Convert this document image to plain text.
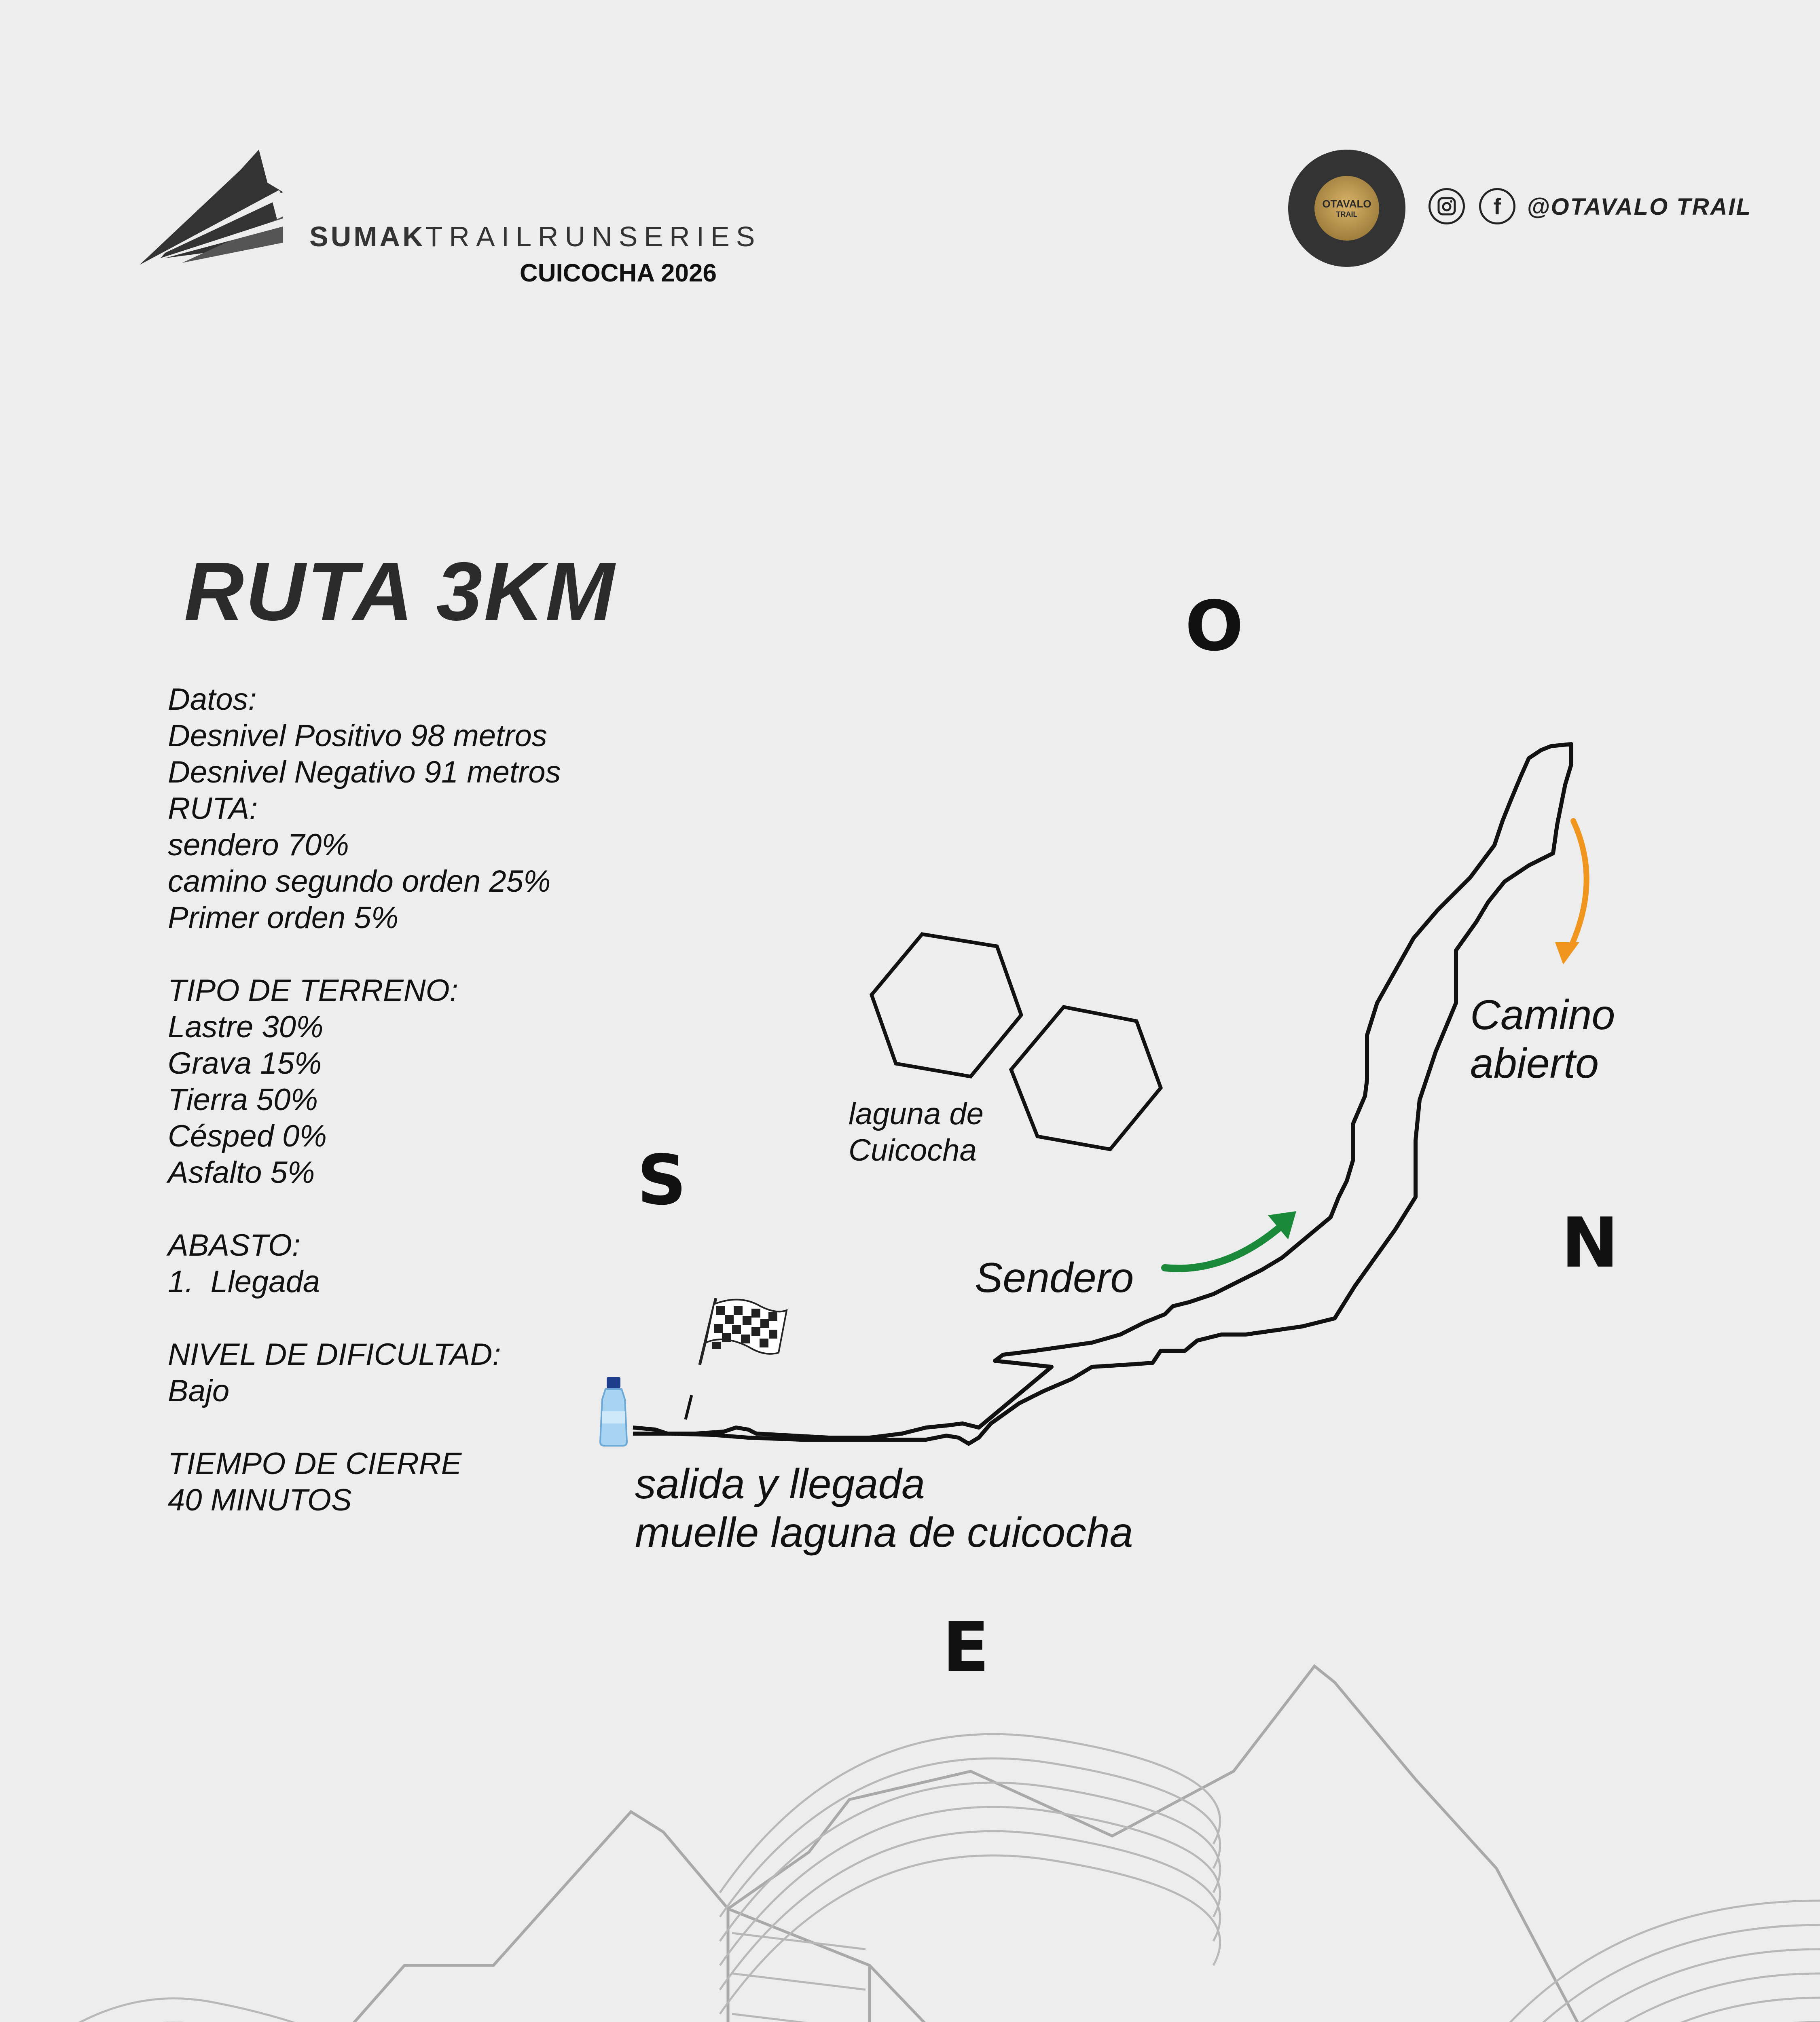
SUMAKTRAILRUNSERIES
CUICOCHA 2026
OTAVALO
TRAIL	f	@OTAVALO TRAIL
RUTA 3KM
Datos:
Desnivel Positivo 98 metros
Desnivel Negativo 91 metros
RUTA:
sendero 70%
camino segundo orden 25%
Primer orden 5%

TIPO DE TERRENO:
Lastre 30%
Grava 15%
Tierra 50%
Césped 0%
Asfalto 5%

ABASTO:
1.  Llegada

NIVEL DE DIFICULTAD:
Bajo

TIEMPO DE CIERRE
40 MINUTOS
O
S
N
E
laguna de
Cuicocha
Sendero
Camino
abierto
salida y llegada
muelle laguna de cuicocha
